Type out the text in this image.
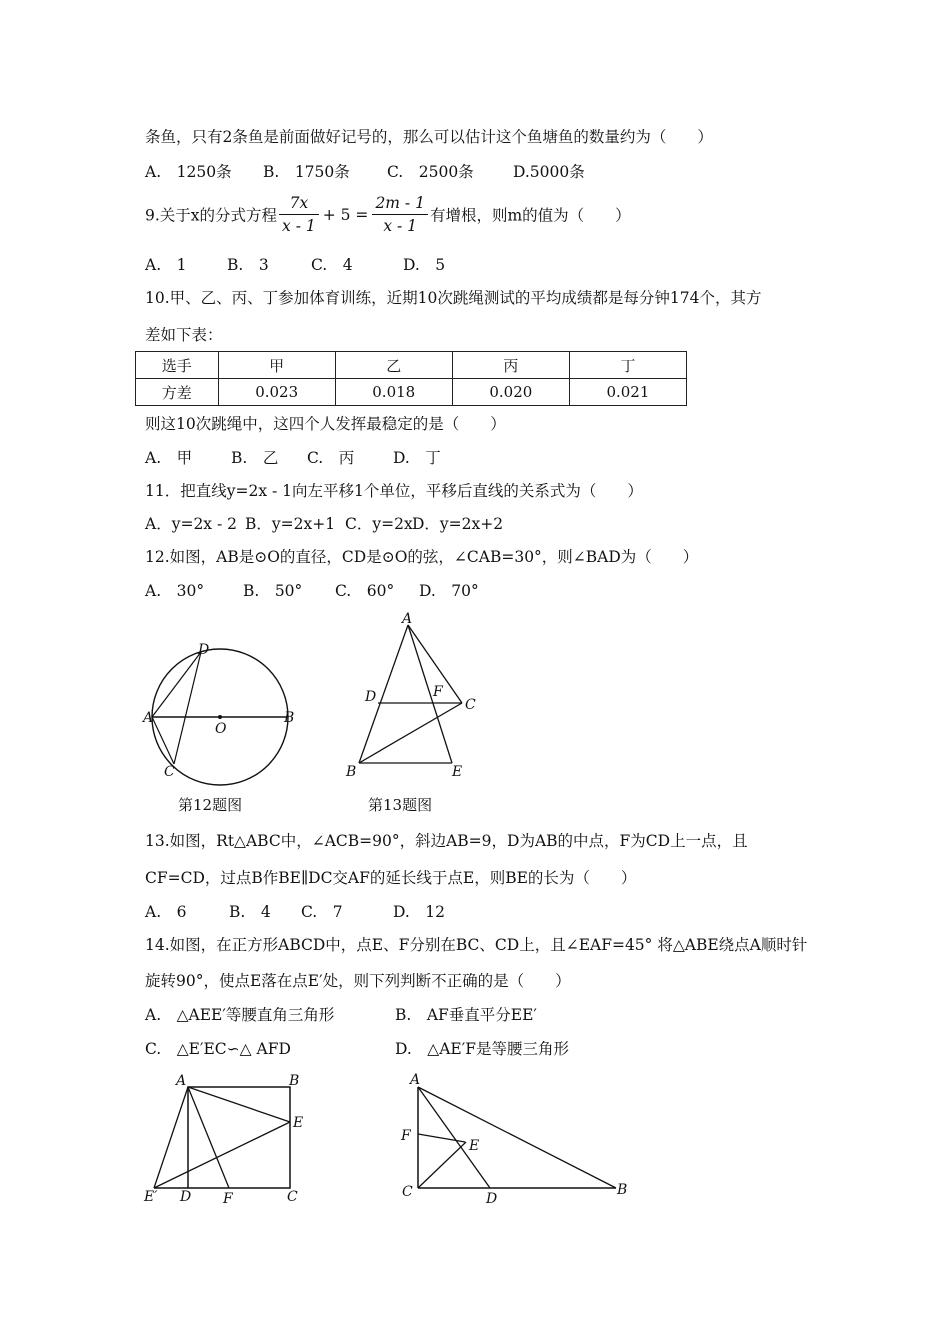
条鱼，只有2条鱼是前面做好记号的，那么可以估计这个鱼塘鱼的数量约为（　　）
A.　1250条 B.　1750条 C.　2500条	D.5000条
9.关于x的分式方程 $\frac{7x}{x - 1} + 5 = \frac{2m - 1}{x - 1}$ 有增根，则m的值为（　　）
A.　1	B.　3	C.　4	D.　5
10.甲、乙、丙、丁参加体育训练，近期10次跳绳测试的平均成绩都是每分钟174个，其方
差如下表：
选手	甲	乙	丙	丁
方差	0.023	0.018	0.020	0.021
则这10次跳绳中，这四个人发挥最稳定的是（　　）
A.　甲	B.　乙 C.　丙	D.　丁
11．把直线y=2x - 1向左平移1个单位，平移后直线的关系式为（　　）
A．y=2x - 2 B．y=2x+1 C．y=2xD．y=2x+2
12.如图，AB是⊙O的直径，CD是⊙O的弦，∠CAB=30°，则∠BAD为（　　）
A.　30°	B.　50° C.　60° D.　70°
A	B
C
D
O
第12题图
A
B
C
D
E
F
第13题图
13.如图，Rt△ABC中，∠ACB=90°，斜边AB=9，D为AB的中点，F为CD上一点，且
CF=CD，过点B作BE∥DC交AF的延长线于点E，则BE的长为（　　）
A.　6	B.　4 C.　7	D.　12
14.如图，在正方形ABCD中，点E、F分别在BC、CD上，且∠EAF=45° 将△ABE绕点A顺时针
旋转90°，使点E落在点E′处，则下列判断不正确的是（　　）
A.　△AEE′等腰直角三角形	B.　AF垂直平分EE′
C.　△E′EC∽△ AFD	D.　△AE′F是等腰三角形
A	B
C
D
E
F
E′
A
B
C	D
E
F
